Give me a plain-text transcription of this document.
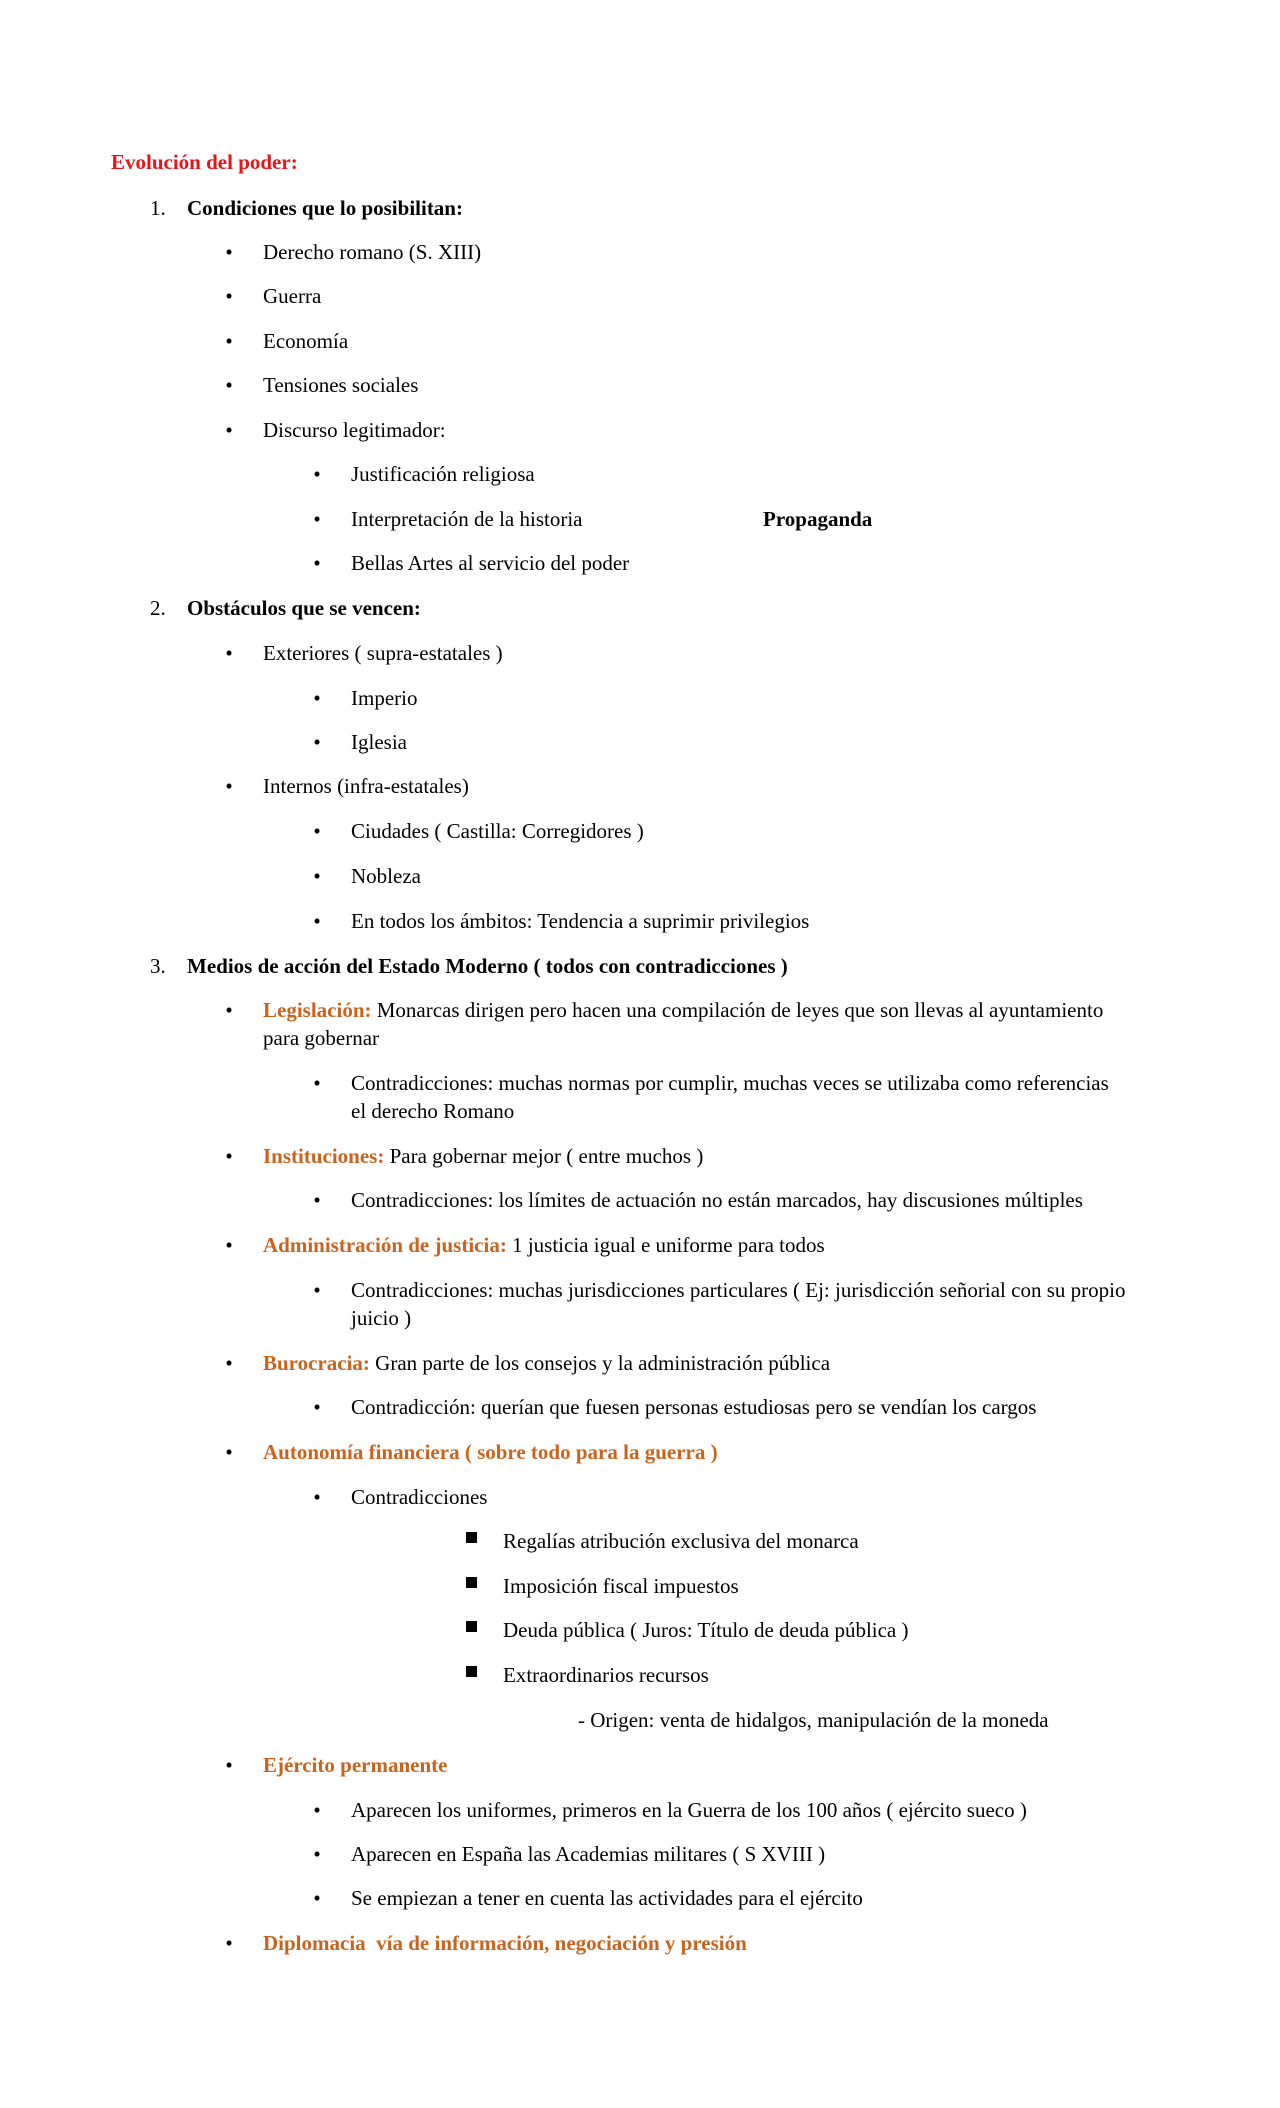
Evolución del poder:
1. Condiciones que lo posibilitan:
• Derecho romano (S. XIII)
• Guerra
• Economía
• Tensiones sociales
• Discurso legitimador:
• Justificación religiosa
• Interpretación de la historia	Propaganda
• Bellas Artes al servicio del poder
2. Obstáculos que se vencen:
• Exteriores ( supra-estatales )
• Imperio
• Iglesia
• Internos (infra-estatales)
• Ciudades ( Castilla: Corregidores )
• Nobleza
• En todos los ámbitos: Tendencia a suprimir privilegios
3. Medios de acción del Estado Moderno ( todos con contradicciones )
• Legislación: Monarcas dirigen pero hacen una compilación de leyes que son llevas al ayuntamiento para gobernar
• Contradicciones: muchas normas por cumplir, muchas veces se utilizaba como referencias el derecho Romano
• Instituciones: Para gobernar mejor ( entre muchos )
• Contradicciones: los límites de actuación no están marcados, hay discusiones múltiples
• Administración de justicia: 1 justicia igual e uniforme para todos
• Contradicciones: muchas jurisdicciones particulares ( Ej: jurisdicción señorial con su propio juicio )
• Burocracia: Gran parte de los consejos y la administración pública
• Contradicción: querían que fuesen personas estudiosas pero se vendían los cargos
• Autonomía financiera ( sobre todo para la guerra )
• Contradicciones
Regalías atribución exclusiva del monarca
Imposición fiscal impuestos
Deuda pública ( Juros: Título de deuda pública )
Extraordinarios recursos
- Origen: venta de hidalgos, manipulación de la moneda
• Ejército permanente
• Aparecen los uniformes, primeros en la Guerra de los 100 años ( ejército sueco )
• Aparecen en España las Academias militares ( S XVIII )
• Se empiezan a tener en cuenta las actividades para el ejército
• Diplomacia  vía de información, negociación y presión
